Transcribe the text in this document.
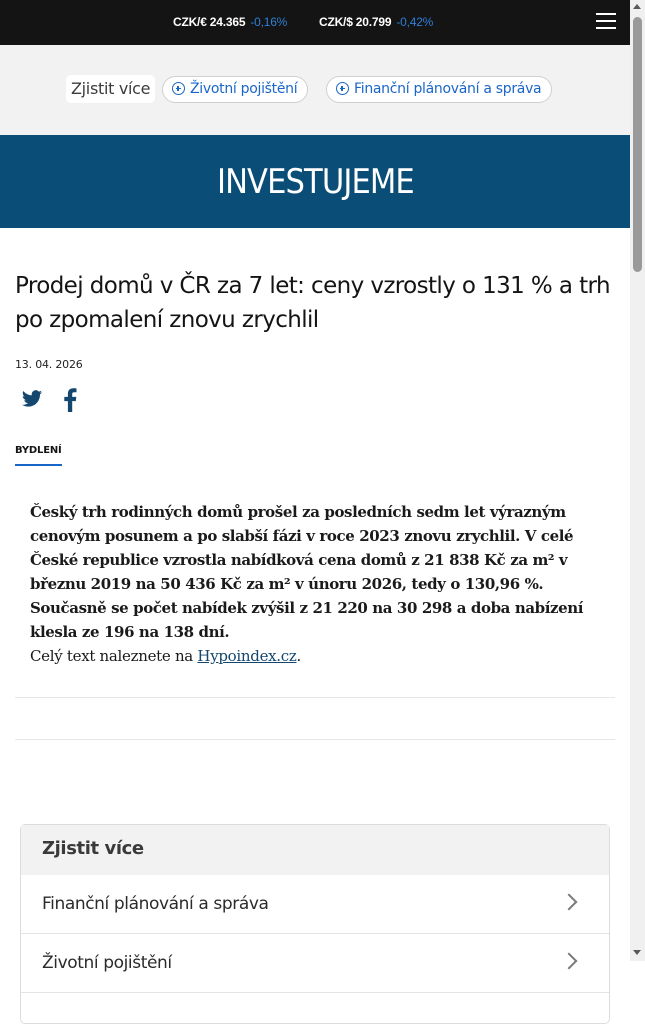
CZK/€ 24.365 -0,16%	CZK/$ 20.799 -0,42%
Zjistit více	Životní pojištění	Finanční plánování a správa
INVESTUJEME
Prodej domů v ČR za 7 let: ceny vzrostly o 131 % a trh po zpomalení znovu zrychlil
13. 04. 2026
BYDLENÍ
Český trh rodinných domů prošel za posledních sedm let výrazným cenovým posunem a po slabší fázi v roce 2023 znovu zrychlil. V celé České republice vzrostla nabídková cena domů z 21 838 Kč za m² v březnu 2019 na 50 436 Kč za m² v únoru 2026, tedy o 130,96 %. Současně se počet nabídek zvýšil z 21 220 na 30 298 a doba nabízení klesla ze 196 na 138 dní.
Celý text naleznete na Hypoindex.cz.
Zjistit více
Finanční plánování a správa
Životní pojištění
